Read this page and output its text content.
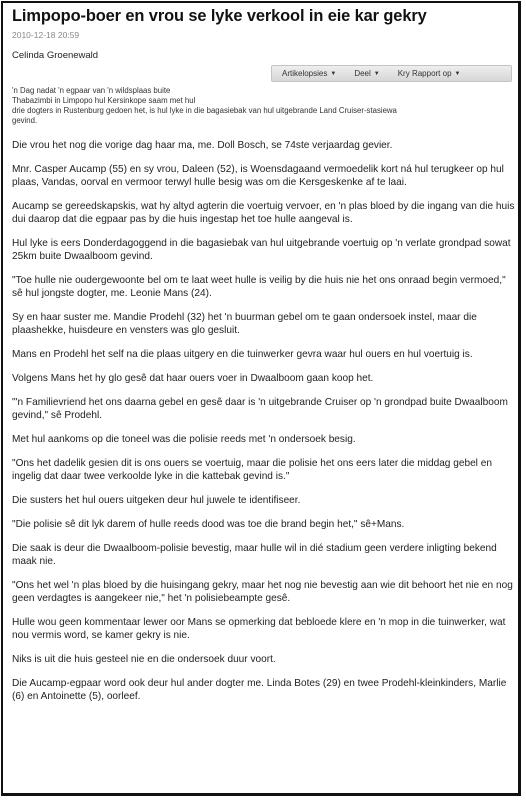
Limpopo-boer en vrou se lyke verkool in eie kar gekry
2010-12-18 20:59
Celinda Groenewald
Artikelopsies ▼ Deel ▼ Kry Rapport op ▼
'n Dag nadat 'n egpaar van 'n wildsplaas buite
Thabazimbi in Limpopo hul Kersinkope saam met hul
drie dogters in Rustenburg gedoen het, is hul lyke in die bagasiebak van hul uitgebrande Land Cruiser-stasiewa
gevind.

Die vrou het nog die vorige dag haar ma, me. Doll Bosch, se 74ste verjaardag gevier.

Mnr. Casper Aucamp (55) en sy vrou, Daleen (52), is Woensdagaand vermoedelik kort ná hul terugkeer op hul plaas, Vandas, oorval en vermoor terwyl hulle besig was om die Kersgeskenke af te laai.

Aucamp se gereedskapskis, wat hy altyd agterin die voertuig vervoer, en 'n plas bloed by die ingang van die huis dui daarop dat die egpaar pas by die huis ingestap het toe hulle aangeval is.

Hul lyke is eers Donderdagoggend in die bagasiebak van hul uitgebrande voertuig op 'n verlate grondpad sowat 25km buite Dwaalboom gevind.

"Toe hulle nie oudergewoonte bel om te laat weet hulle is veilig by die huis nie het ons onraad begin vermoed," sê hul jongste dogter, me. Leonie Mans (24).

Sy en haar suster me. Mandie Prodehl (32) het 'n buurman gebel om te gaan ondersoek instel, maar die plaashekke, huisdeure en vensters was glo gesluit.

Mans en Prodehl het self na die plaas uitgery en die tuinwerker gevra waar hul ouers en hul voertuig is.

Volgens Mans het hy glo gesê dat haar ouers voer in Dwaalboom gaan koop het.

"'n Familievriend het ons daarna gebel en gesê daar is 'n uitgebrande Cruiser op 'n grondpad buite Dwaalboom gevind," sê Prodehl.

Met hul aankoms op die toneel was die polisie reeds met 'n ondersoek besig.

"Ons het dadelik gesien dit is ons ouers se voertuig, maar die polisie het ons eers later die middag gebel en ingelig dat daar twee verkoolde lyke in die kattebak gevind is."

Die susters het hul ouers uitgeken deur hul juwele te identifiseer.

"Die polisie sê dit lyk darem of hulle reeds dood was toe die brand begin het," sê+Mans.

Die saak is deur die Dwaalboom-polisie bevestig, maar hulle wil in dié stadium geen verdere inligting bekend maak nie.

"Ons het wel 'n plas bloed by die huisingang gekry, maar het nog nie bevestig aan wie dit behoort het nie en nog geen verdagtes is aangekeer nie," het 'n polisiebeampte gesê.

Hulle wou geen kommentaar lewer oor Mans se opmerking dat bebloede klere en 'n mop in die tuinwerker, wat nou vermis word, se kamer gekry is nie.

Niks is uit die huis gesteel nie en die ondersoek duur voort.

Die Aucamp-egpaar word ook deur hul ander dogter me. Linda Botes (29) en twee Prodehl-kleinkinders, Marlie (6) en Antoinette (5), oorleef.
